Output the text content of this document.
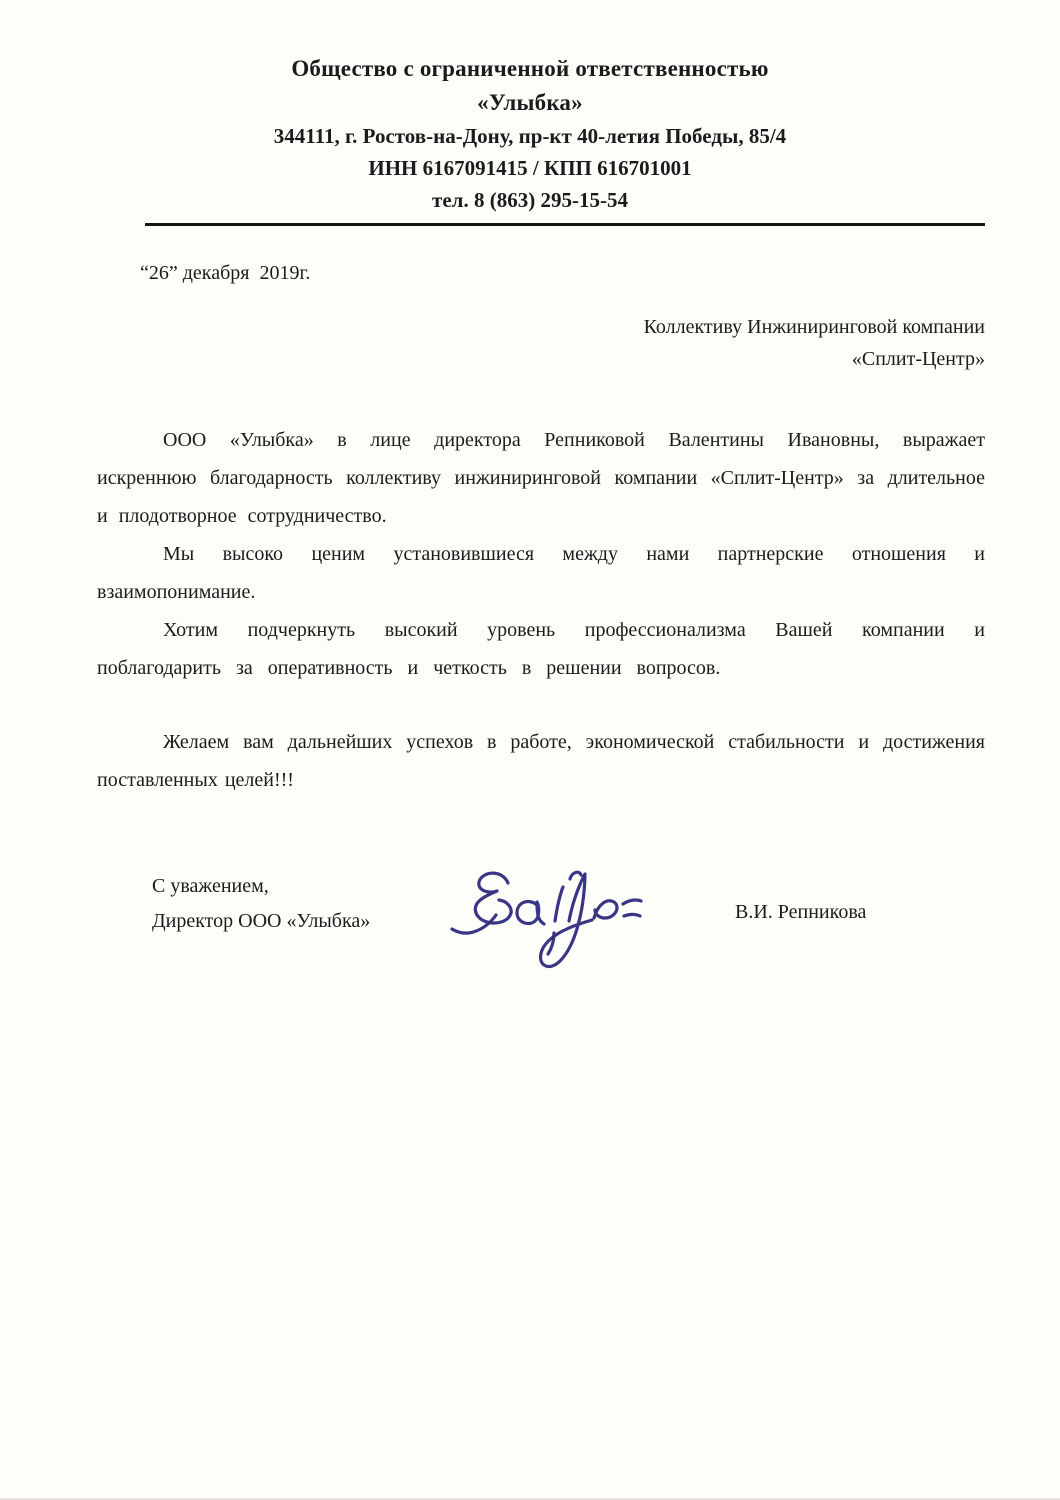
Общество с ограниченной ответственностью
«Улыбка»
344111, г. Ростов-на-Дону, пр-кт 40-летия Победы, 85/4
ИНН 6167091415 / КПП 616701001
тел. 8 (863) 295-15-54
“26” декабря  2019г.
Коллективу Инжиниринговой компании
«Сплит-Центр»

ООО «Улыбка» в лице директора Репниковой Валентины Ивановны, выражает искреннюю благодарность коллективу инжиниринговой компании «Сплит-Центр» за длительное и плодотворное сотрудничество.

Мы высоко ценим установившиеся между нами партнерские отношения и взаимопонимание.

Хотим подчеркнуть высокий уровень профессионализма Вашей компании и поблагодарить за оперативность и четкость в решении вопросов.

Желаем вам дальнейших успехов в работе, экономической стабильности и достижения поставленных целей!!!

С уважением,
Директор ООО «Улыбка»	В.И. Репникова
